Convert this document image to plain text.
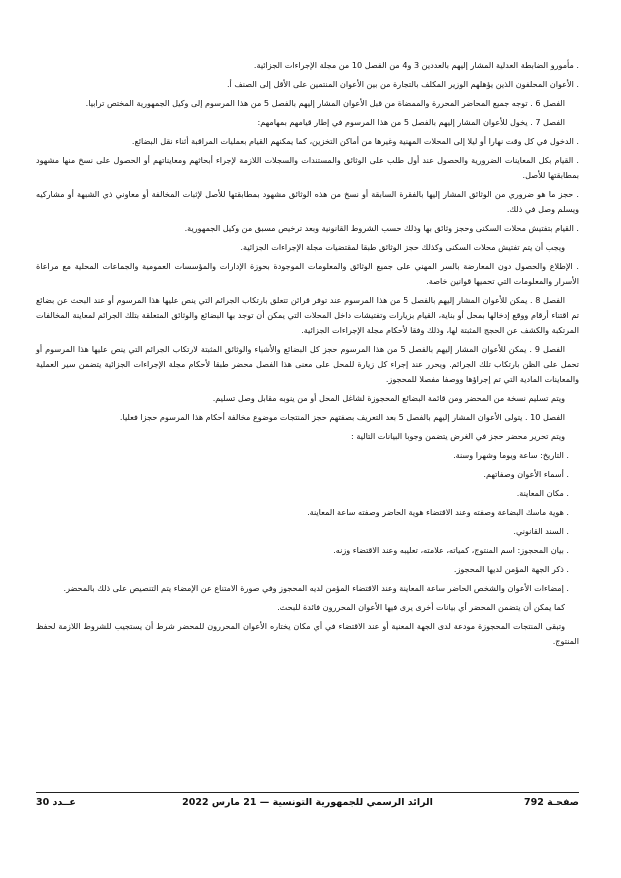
. مأمورو الضابطة العدلية المشار إليهم بالعددين 3 و4 من الفصل 10 من مجلة الإجراءات الجزائية.

. الأعوان المحلفون الذين يؤهلهم الوزير المكلف بالتجارة من بين الأعوان المنتمين على الأقل إلى الصنف أ.

الفصل 6 . توجه جميع المحاضر المحررة والممضاة من قبل الأعوان المشار إليهم بالفصل 5 من هذا المرسوم إلى وكيل الجمهورية المختص ترابيا.

الفصل 7 . يخول للأعوان المشار إليهم بالفصل 5 من هذا المرسوم في إطار قيامهم بمهامهم:

. الدخول في كل وقت نهارا أو ليلا إلى المحلات المهنية وغيرها من أماكن التخزين، كما يمكنهم القيام بعمليات المراقبة أثناء نقل البضائع.

. القيام بكل المعاينات الضرورية والحصول عند أول طلب على الوثائق والمستندات والسجلات اللازمة لإجراء أبحاثهم ومعايناتهم أو الحصول على نسخ منها مشهود بمطابقتها للأصل.

. حجز ما هو ضروري من الوثائق المشار إليها بالفقرة السابقة أو نسخ من هذه الوثائق مشهود بمطابقتها للأصل لإثبات المخالفة أو معاوني ذي الشبهة أو مشاركيه ويسلم وصل في ذلك.

. القيام بتفتيش محلات السكنى وحجز وثائق بها وذلك حسب الشروط القانونية وبعد ترخيص مسبق من وكيل الجمهورية.

ويجب أن يتم تفتيش محلات السكنى وكذلك حجز الوثائق طبقا لمقتضيات مجلة الإجراءات الجزائية.

. الإطلاع والحصول دون المعارضة بالسر المهني على جميع الوثائق والمعلومات الموجودة بحوزة الإدارات والمؤسسات العمومية والجماعات المحلية مع مراعاة الأسرار والمعلومات التي تحميها قوانين خاصة.

الفصل 8 . يمكن للأعوان المشار إليهم بالفصل 5 من هذا المرسوم عند توفر قرائن تتعلق بارتكاب الجرائم التي ينص عليها هذا المرسوم أو عند البحث عن بضائع تم اقتناء أرقام ووقع إدخالها بمحل أو بناية، القيام بزيارات وتفتيشات داخل المحلات التي يمكن أن توجد بها البضائع والوثائق المتعلقة بتلك الجرائم لمعاينة المخالفات المرتكبة والكشف عن الحجج المثبتة لها، وذلك وفقا لأحكام مجلة الإجراءات الجزائية.

الفصل 9 . يمكن للأعوان المشار إليهم بالفصل 5 من هذا المرسوم حجز كل البضائع والأشياء والوثائق المثبتة لارتكاب الجرائم التي ينص عليها هذا المرسوم أو تحمل على الظن بارتكاب تلك الجرائم. ويحرر عند إجراء كل زيارة للمحل على معنى هذا الفصل محضر طبقا لأحكام مجلة الإجراءات الجزائية يتضمن سير العملية والمعاينات المادية التي تم إجراؤها ووصفا مفصلا للمحجوز.

ويتم تسليم نسخة من المحضر ومن قائمة البضائع المحجوزة لشاغل المحل أو من ينوبه مقابل وصل تسليم.

الفصل 10 . يتولى الأعوان المشار إليهم بالفصل 5 بعد التعريف بصفتهم حجز المنتجات موضوع مخالفة أحكام هذا المرسوم حجزا فعليا.

ويتم تحرير محضر حجز في الغرض يتضمن وجوبا البيانات التالية :

. التاريخ: ساعة ويوما وشهرا وسنة.

. أسماء الأعوان وصفاتهم.

. مكان المعاينة.

. هوية ماسك البضاعة وصفته وعند الاقتضاء هوية الحاضر وصفته ساعة المعاينة.

. السند القانوني.

. بيان المحجوز: اسم المنتوج، كمياته، علامته، تعليبه وعند الاقتضاء وزنه.

. ذكر الجهة المؤمن لديها المحجوز.

. إمضاءات الأعوان والشخص الحاضر ساعة المعاينة وعند الاقتضاء المؤمن لديه المحجوز وفي صورة الامتناع عن الإمضاء يتم التنصيص على ذلك بالمحضر.

كما يمكن أن يتضمن المحضر أي بيانات أخرى يرى فيها الأعوان المحررون فائدة للبحث.

وتبقى المنتجات المحجوزة مودعة لدى الجهة المعنية أو عند الاقتضاء في أي مكان يختاره الأعوان المحررون للمحضر شرط أن يستجيب للشروط اللازمة لحفظ المنتوج.

صفحـة 792
الرائد الرسمي للجمهورية التونسية — 21 مارس 2022
عــدد 30
